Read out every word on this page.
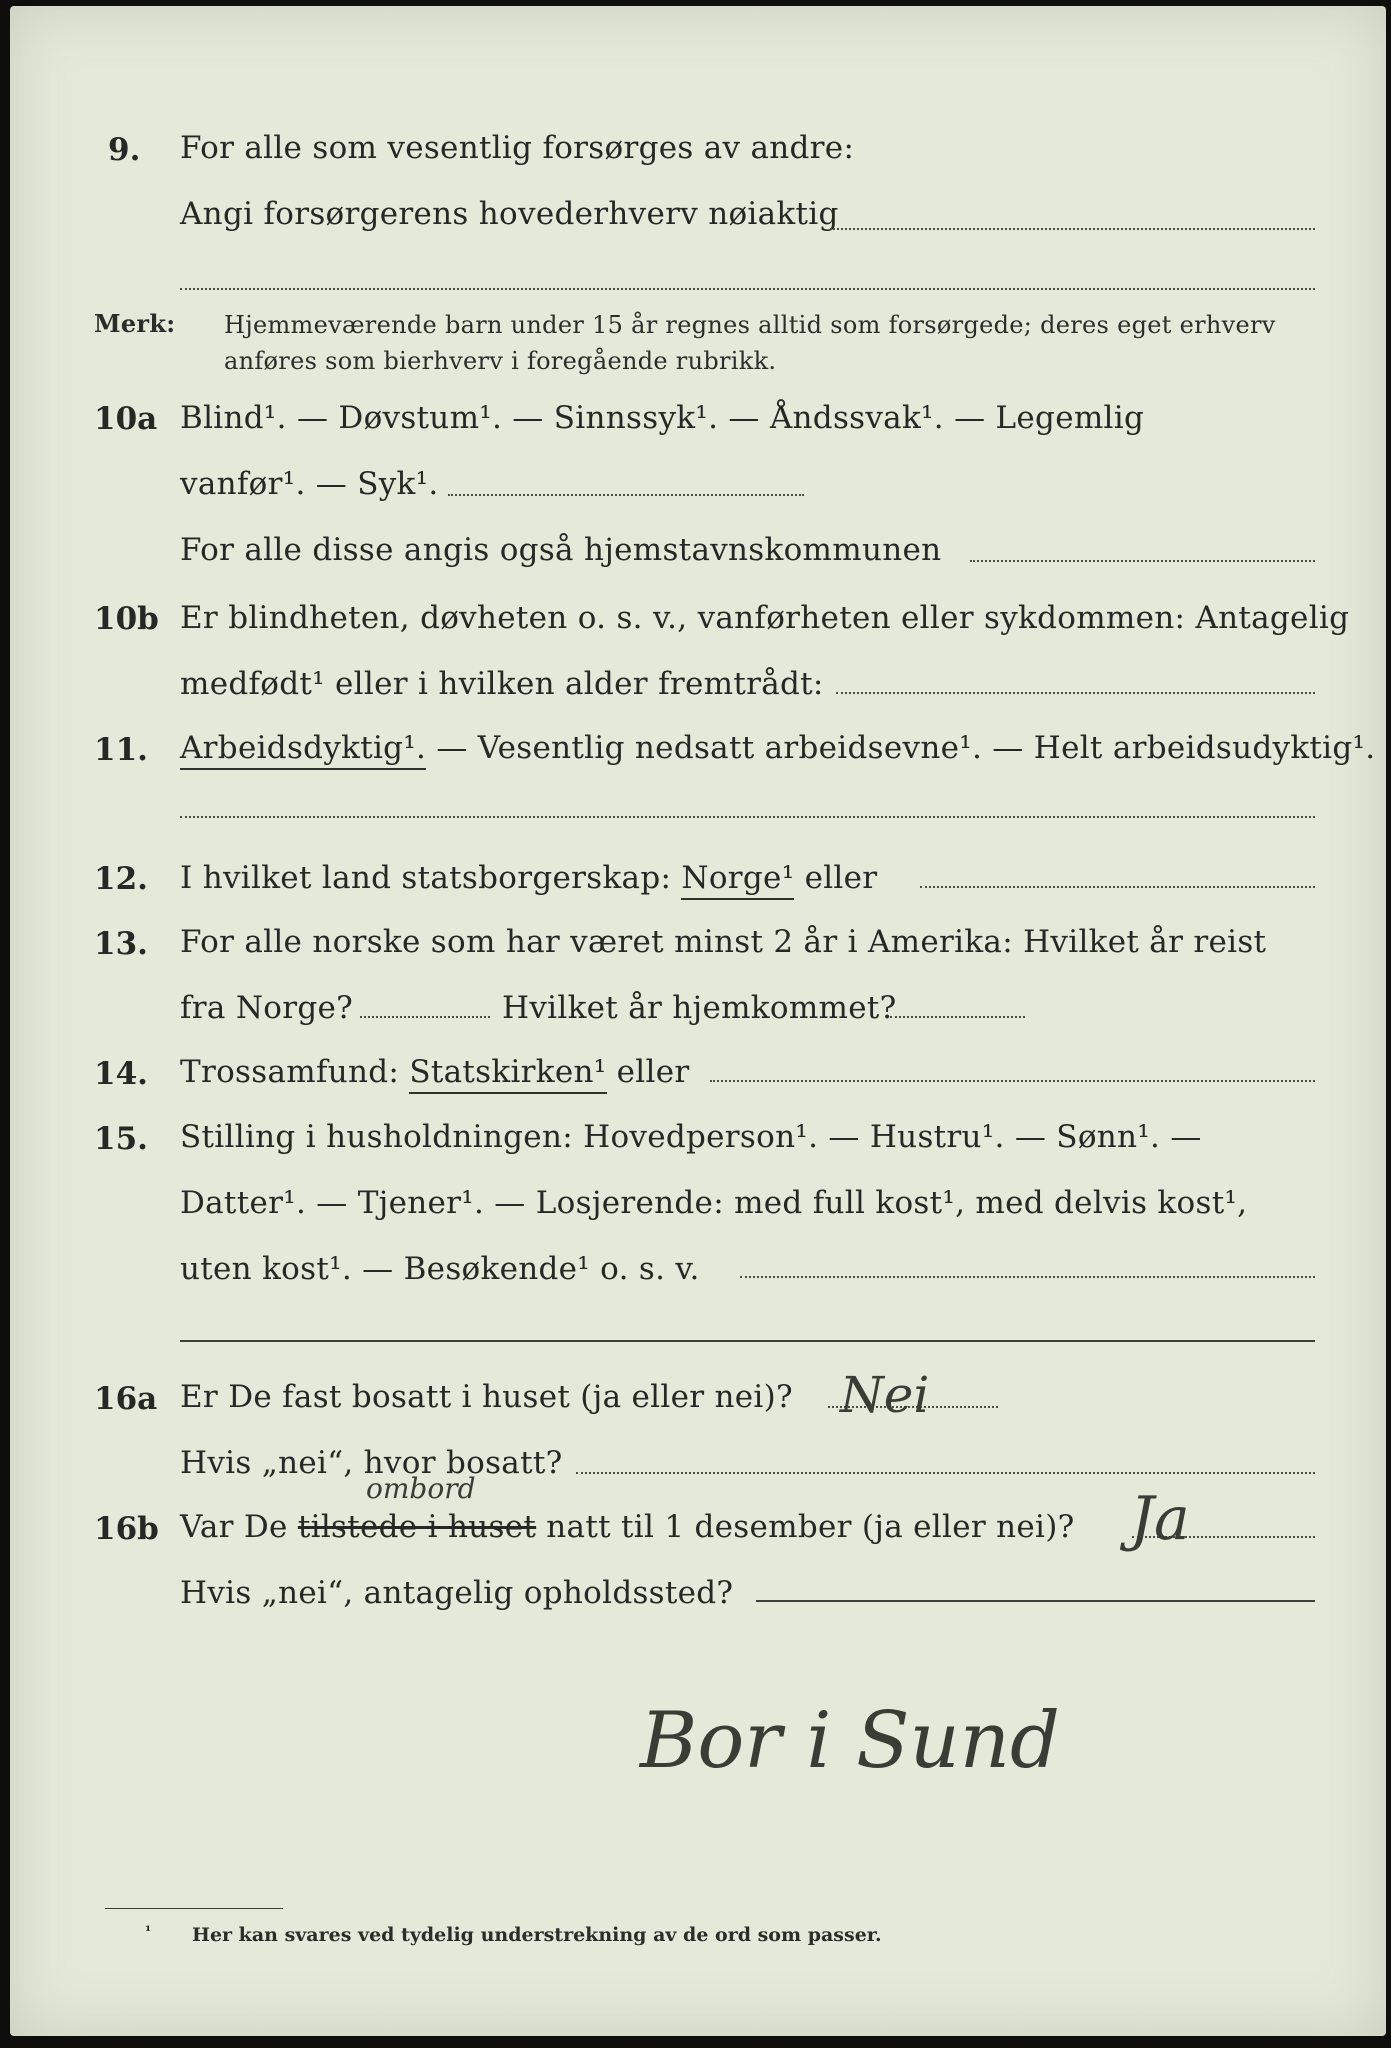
9. For alle som vesentlig forsørges av andre:
Angi forsørgerens hovederhverv nøiaktig
Merk: Hjemmeværende barn under 15 år regnes alltid som forsørgede; deres eget erhverv
anføres som bierhverv i foregående rubrikk.
10a Blind¹. — Døvstum¹. — Sinnssyk¹. — Åndssvak¹. — Legemlig
vanfør¹. — Syk¹.
For alle disse angis også hjemstavnskommunen
10b Er blindheten, døvheten o. s. v., vanførheten eller sykdommen: Antagelig
medfødt¹ eller i hvilken alder fremtrådt:
11. Arbeidsdyktig¹. — Vesentlig nedsatt arbeidsevne¹. — Helt arbeidsudyktig¹.
12. I hvilket land statsborgerskap: Norge¹ eller
13. For alle norske som har været minst 2 år i Amerika: Hvilket år reist
fra Norge?	Hvilket år hjemkommet?
14. Trossamfund: Statskirken¹ eller
15. Stilling i husholdningen: Hovedperson¹. — Hustru¹. — Sønn¹. —
Datter¹. — Tjener¹. — Losjerende: med full kost¹, med delvis kost¹,
uten kost¹. — Besøkende¹ o. s. v.
16a Er De fast bosatt i huset (ja eller nei)? Nei
Hvis „nei“, hvor bosatt?
ombord
16b Var De tilstede i huset natt til 1 desember (ja eller nei)? Ja
Hvis „nei“, antagelig opholdssted?
Bor i Sund
¹ Her kan svares ved tydelig understrekning av de ord som passer.
